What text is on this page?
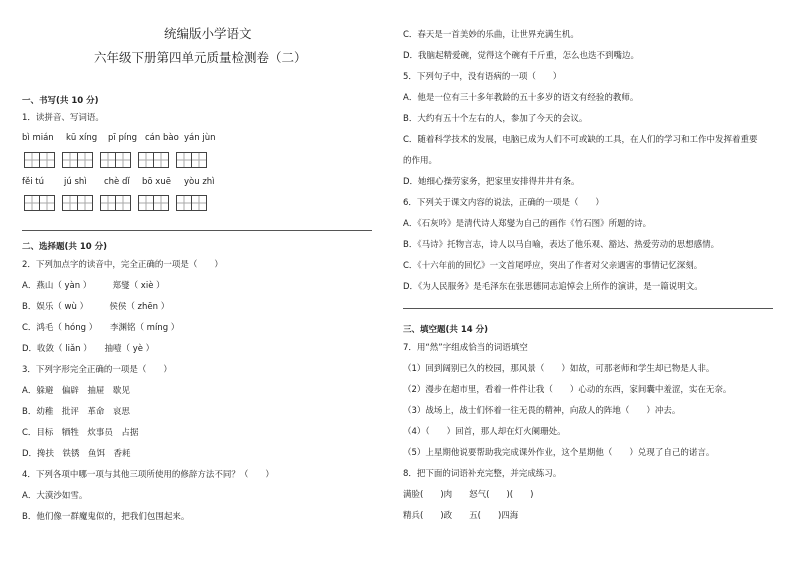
统编版小学语文
六年级下册第四单元质量检测卷（二）
一、书写(共 10 分)
1．读拼音、写词语。
bì mián kū xíng pī píng cán bào yán jùn
fěi tú jú shì chè dǐ bō xuē yòu zhì
二、选择题(共 10 分)
2．下列加点字的读音中，完全正确的一项是（　　）
A．燕山（ yàn ）　　　郑燮（ xiè ）
B．娱乐（ wù ）　　　侯侯（ zhēn ）
C．鸿毛（ hóng ）　　李渊铭（ míng ）
D．收敛（ liǎn ）　　抽噎（ yè ）
3．下列字形完全正确的一项是（　　）
A．躲避　偏辟　抽屉　歇见
B．幼稚　批评　革命　哀思
C．目标　牺牲　炊事员　占据
D．搀扶　铁锈　鱼饵　香耗
4．下列各项中哪一项与其他三项所使用的修辞方法不同？（　　）
A．大漠沙如雪。
B．他们像一群魔鬼似的，把我们包围起来。
C．春天是一首美妙的乐曲，让世界充满生机。
D．我脑起精爱碗，觉得这个碗有千斤重，怎么也迭不到嘴边。
5．下列句子中，没有语病的一项（　　）
A．他是一位有三十多年教龄的五十多岁的语文有经验的教师。
B．大约有五十个左右的人，参加了今天的会议。
C．随着科学技术的发展，电脑已成为人们不可或缺的工具，在人们的学习和工作中发挥着重要
的作用。
D．她细心操劳家务，把家里安排得井井有条。
6．下列关于课文内容的说法，正确的一项是（　　）
A．《石灰吟》是清代诗人郑燮为自己的画作《竹石图》所题的诗。
B．《马诗》托物言志，诗人以马自喻，表达了他乐观、豁达、热爱劳动的思想感情。
C．《十六年前的回忆》一文首尾呼应，突出了作者对父亲遇害的事情记忆深刻。
D．《为人民服务》是毛泽东在张思德同志追悼会上所作的演讲，是一篇说明文。
三、填空题(共 14 分)
7．用“然”字组成恰当的词语填空
（1）回到阔别已久的校园，那风景（　　）如故，可那老师和学生却已物是人非。
（2）漫步在超市里，看着一件件让我（　　）心动的东西，家间囊中羞涩，实在无奈。
（3）战场上，战士们怀着一往无畏的精神，向敌人的阵地（　　）冲去。
（4）（　　）回首，那人却在灯火阑珊处。
（5）上星期他说要帮助我完成课外作业，这个星期他（　　）兑现了自己的诺言。
8．把下面的词语补充完整，并完成练习。
满脸(　　)肉　　怒气(　　)(　　)
精兵(　　)政　　五(　　)四海
